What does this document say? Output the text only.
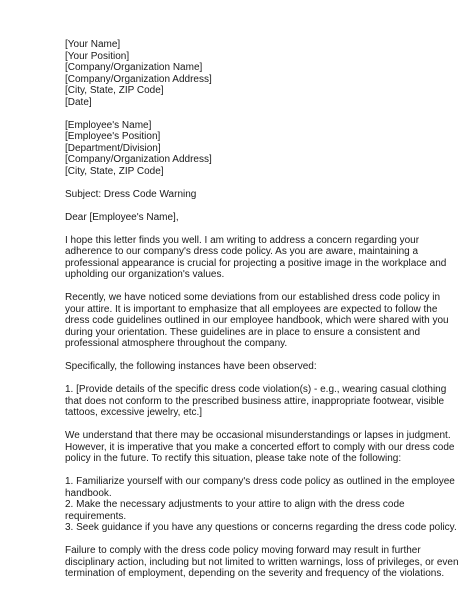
[Your Name]
[Your Position]
[Company/Organization Name]
[Company/Organization Address]
[City, State, ZIP Code]
[Date]
[Employee's Name]
[Employee's Position]
[Department/Division]
[Company/Organization Address]
[City, State, ZIP Code]
Subject: Dress Code Warning
Dear [Employee's Name],

I hope this letter finds you well. I am writing to address a concern regarding your adherence to our company's dress code policy. As you are aware, maintaining a professional appearance is crucial for projecting a positive image in the workplace and upholding our organization's values.

Recently, we have noticed some deviations from our established dress code policy in your attire. It is important to emphasize that all employees are expected to follow the dress code guidelines outlined in our employee handbook, which were shared with you during your orientation. These guidelines are in place to ensure a consistent and professional atmosphere throughout the company.

Specifically, the following instances have been observed:

1. [Provide details of the specific dress code violation(s) - e.g., wearing casual clothing that does not conform to the prescribed business attire, inappropriate footwear, visible tattoos, excessive jewelry, etc.]

We understand that there may be occasional misunderstandings or lapses in judgment. However, it is imperative that you make a concerted effort to comply with our dress code policy in the future. To rectify this situation, please take note of the following:

1. Familiarize yourself with our company's dress code policy as outlined in the employee handbook.

2. Make the necessary adjustments to your attire to align with the dress code requirements.

3. Seek guidance if you have any questions or concerns regarding the dress code policy.

Failure to comply with the dress code policy moving forward may result in further disciplinary action, including but not limited to written warnings, loss of privileges, or even termination of employment, depending on the severity and frequency of the violations.
